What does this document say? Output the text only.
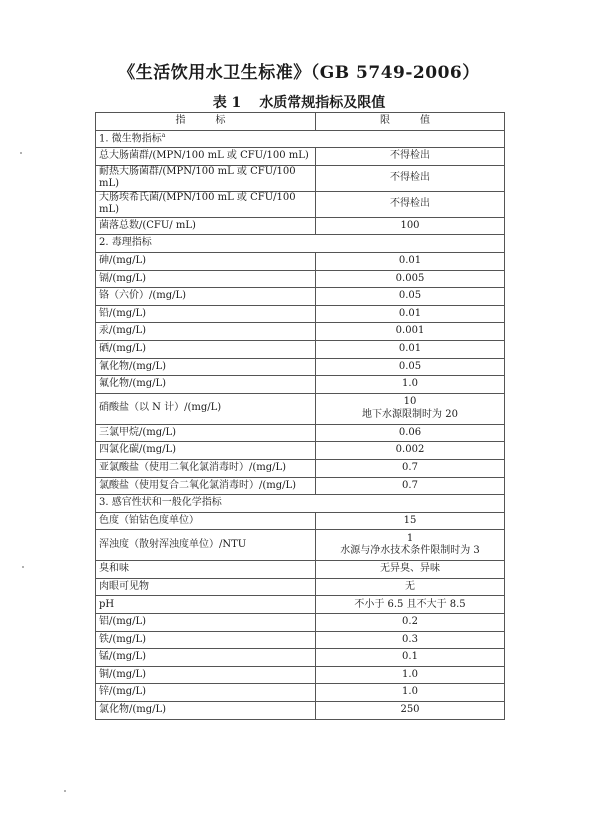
《生活饮用水卫生标准》（GB 5749-2006）
表 1 水质常规指标及限值
指　标	限　值
1. 微生物指标$^a$
总大肠菌群/(MPN/100 mL 或 CFU/100 mL)	不得检出
耐热大肠菌群/(MPN/100 mL 或 CFU/100 mL)	不得检出
大肠埃希氏菌/(MPN/100 mL 或 CFU/100 mL)	不得检出
菌落总数/(CFU/ mL)	100
2. 毒理指标	
砷/(mg/L)	0.01
镉/(mg/L)	0.005
铬（六价）/(mg/L)	0.05
铅/(mg/L)	0.01
汞/(mg/L)	0.001
硒/(mg/L)	0.01
氰化物/(mg/L)	0.05
氟化物/(mg/L)	1.0
硝酸盐（以 N 计）/(mg/L)	10
地下水源限制时为 20

三氯甲烷/(mg/L)	0.06
四氯化碳/(mg/L)	0.002
亚氯酸盐（使用二氧化氯消毒时）/(mg/L)	0.7
氯酸盐（使用复合二氧化氯消毒时）/(mg/L)	0.7
3. 感官性状和一般化学指标	
色度（铂钴色度单位）	15
浑浊度（散射浑浊度单位）/NTU	1
水源与净水技术条件限制时为 3

臭和味	无异臭、异味
肉眼可见物	无
pH	不小于 6.5 且不大于 8.5
铝/(mg/L)	0.2
铁/(mg/L)	0.3
锰/(mg/L)	0.1
铜/(mg/L)	1.0
锌/(mg/L)	1.0
氯化物/(mg/L)	250
